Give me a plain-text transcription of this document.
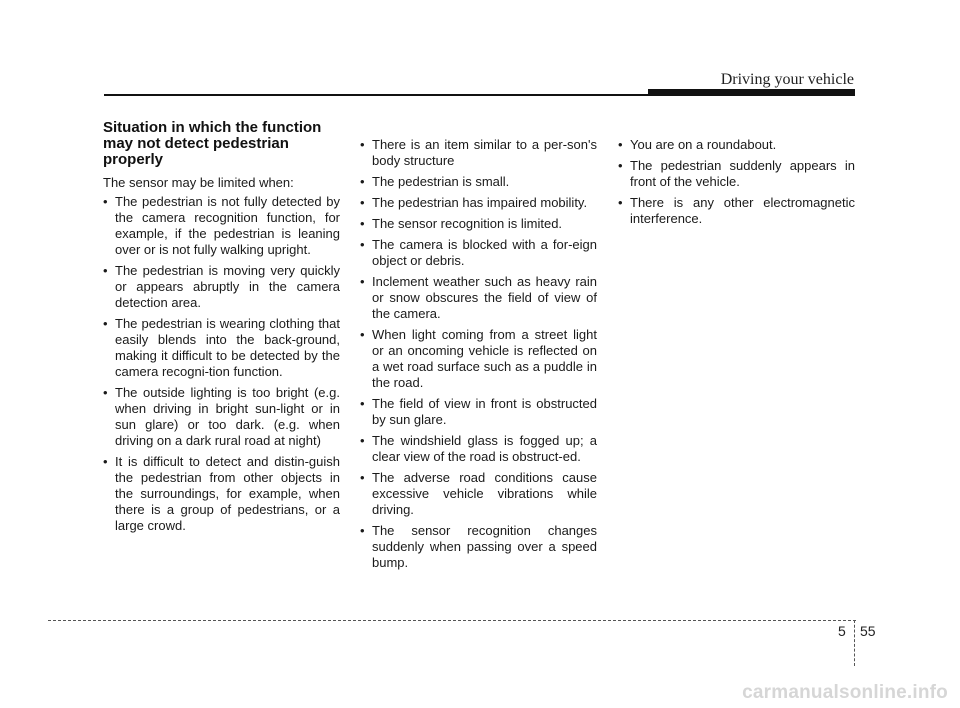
Driving your vehicle
Situation in which the function may not detect pedestrian properly

The sensor may be limited when:

• The pedestrian is not fully detected by the camera recognition function, for example, if the pedestrian is leaning over or is not fully walking upright.
• The pedestrian is moving very quickly or appears abruptly in the camera detection area.
• The pedestrian is wearing clothing that easily blends into the back-ground, making it difficult to be detected by the camera recogni-tion function.
• The outside lighting is too bright (e.g. when driving in bright sun-light or in sun glare) or too dark. (e.g. when driving on a dark rural road at night)
• It is difficult to detect and distin-guish the pedestrian from other objects in the surroundings, for example, when there is a group of pedestrians, or a large crowd.
• There is an item similar to a per-son's body structure
• The pedestrian is small.
• The pedestrian has impaired mobility.
• The sensor recognition is limited.
• The camera is blocked with a for-eign object or debris.
• Inclement weather such as heavy rain or snow obscures the field of view of the camera.
• When light coming from a street light or an oncoming vehicle is reflected on a wet road surface such as a puddle in the road.
• The field of view in front is obstructed by sun glare.
• The windshield glass is fogged up; a clear view of the road is obstruct-ed.
• The adverse road conditions cause excessive vehicle vibrations while driving.
• The sensor recognition changes suddenly when passing over a speed bump.
• You are on a roundabout.
• The pedestrian suddenly appears in front of the vehicle.
• There is any other electromagnetic interference.
5 55
carmanualsonline.info
